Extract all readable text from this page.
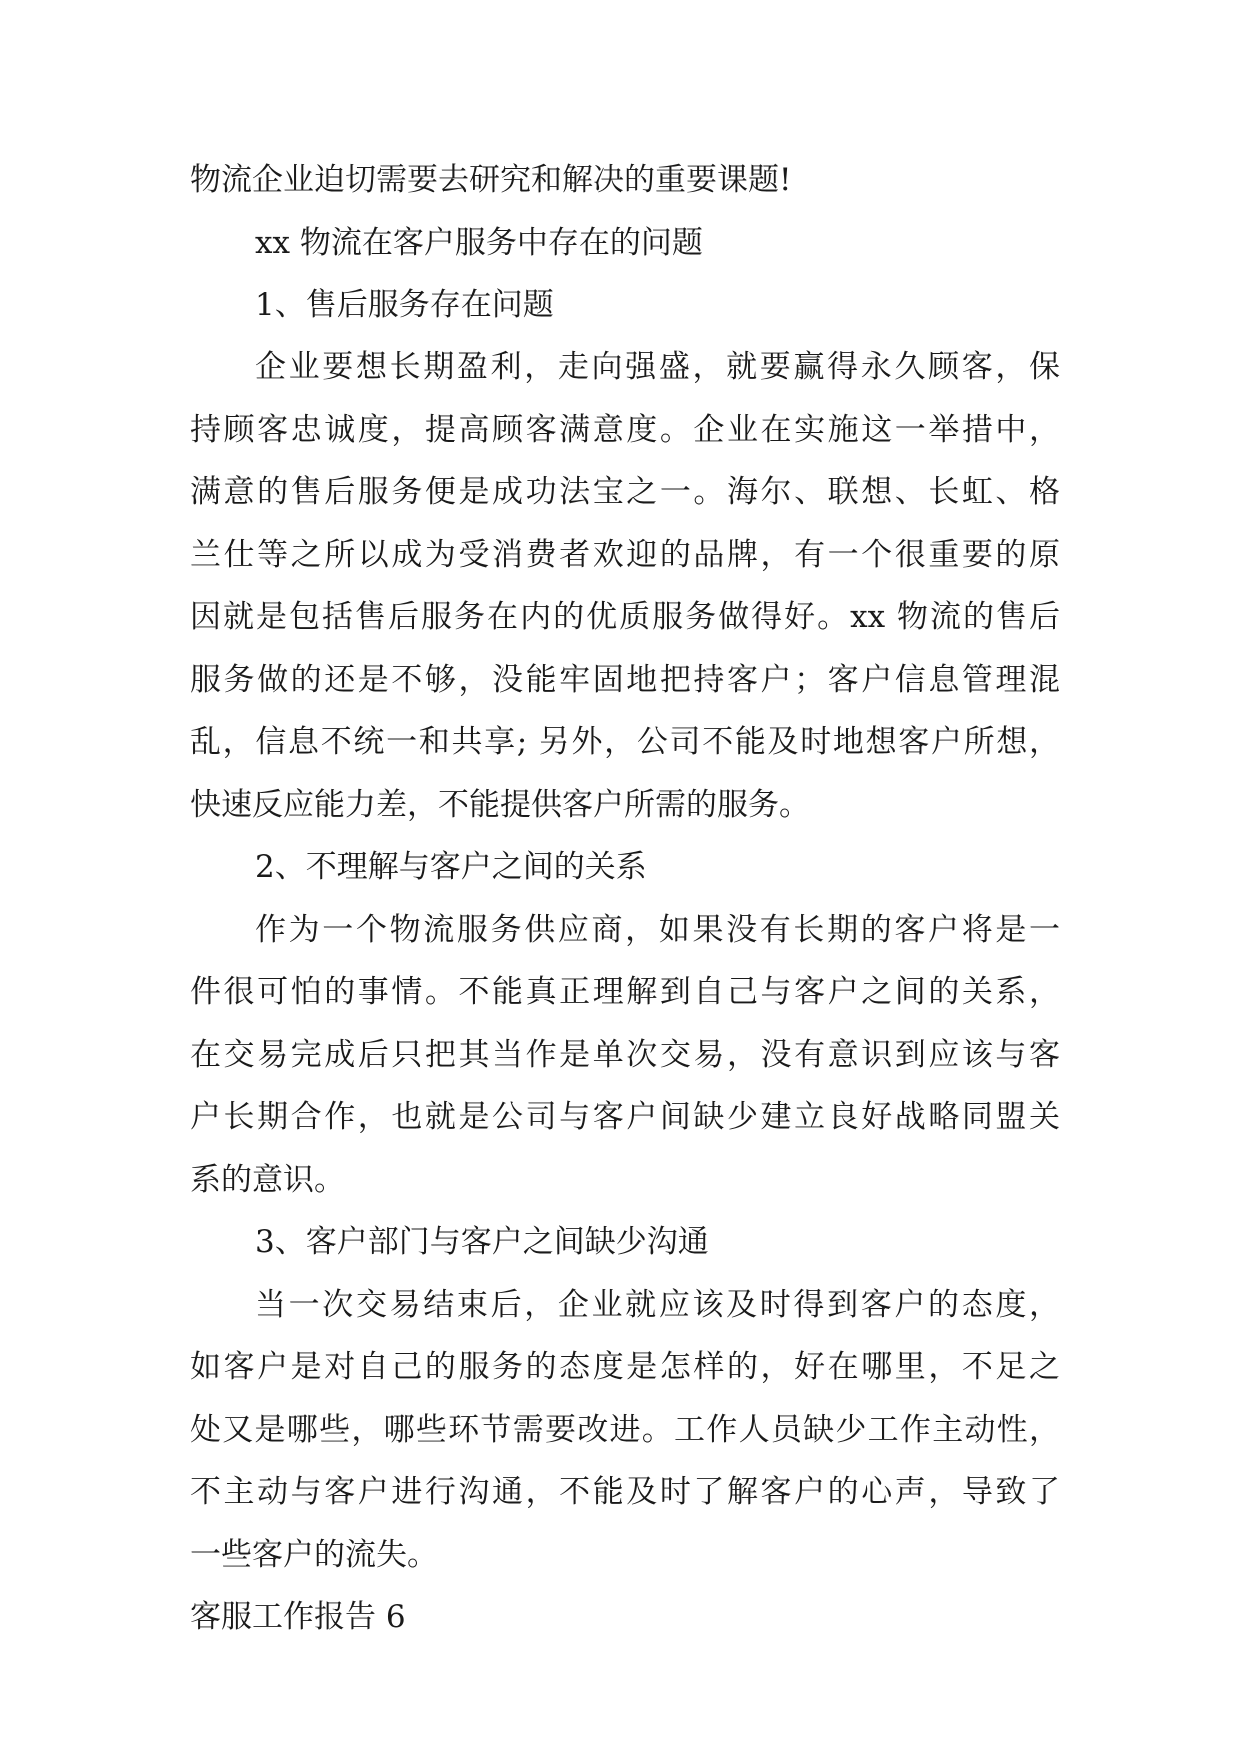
物流企业迫切需要去研究和解决的重要课题!

xx 物流在客户服务中存在的问题

1、售后服务存在问题

企业要想长期盈利，走向强盛，就要赢得永久顾客，保

持顾客忠诚度，提高顾客满意度。企业在实施这一举措中，

满意的售后服务便是成功法宝之一。海尔、联想、长虹、格

兰仕等之所以成为受消费者欢迎的品牌，有一个很重要的原

因就是包括售后服务在内的优质服务做得好。xx 物流的售后

服务做的还是不够，没能牢固地把持客户；客户信息管理混

乱，信息不统一和共享; 另外，公司不能及时地想客户所想，

快速反应能力差，不能提供客户所需的服务。

2、不理解与客户之间的关系

作为一个物流服务供应商，如果没有长期的客户将是一

件很可怕的事情。不能真正理解到自己与客户之间的关系，

在交易完成后只把其当作是单次交易，没有意识到应该与客

户长期合作，也就是公司与客户间缺少建立良好战略同盟关

系的意识。

3、客户部门与客户之间缺少沟通

当一次交易结束后，企业就应该及时得到客户的态度，

如客户是对自己的服务的态度是怎样的，好在哪里，不足之

处又是哪些，哪些环节需要改进。工作人员缺少工作主动性，

不主动与客户进行沟通，不能及时了解客户的心声，导致了

一些客户的流失。

客服工作报告 6
